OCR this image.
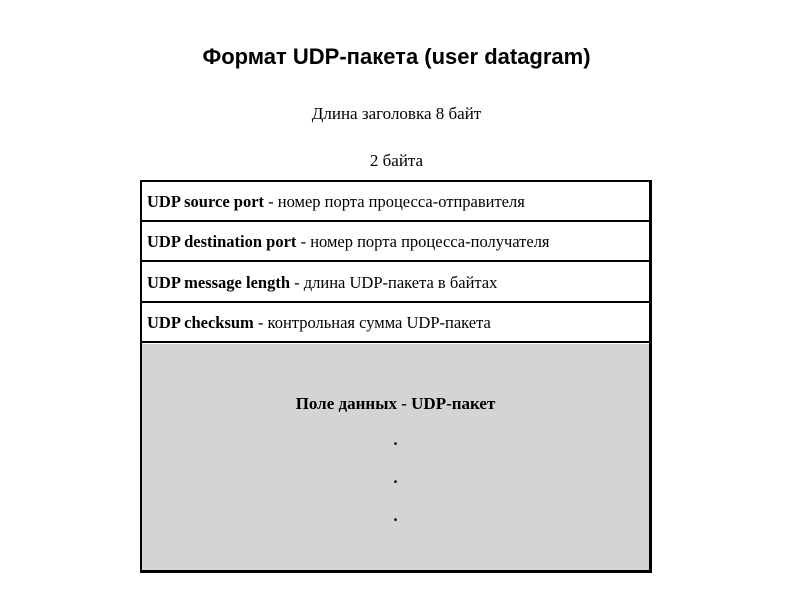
Формат UDP-пакета (user datagram)
Длина заголовка 8 байт
2 байта
UDP source port - номер порта процесса-отправителя
UDP destination port - номер порта процесса-получателя
UDP message length - длина UDP-пакета в байтах
UDP checksum - контрольная сумма UDP-пакета
Поле данных - UDP-пакет
.
.
.
